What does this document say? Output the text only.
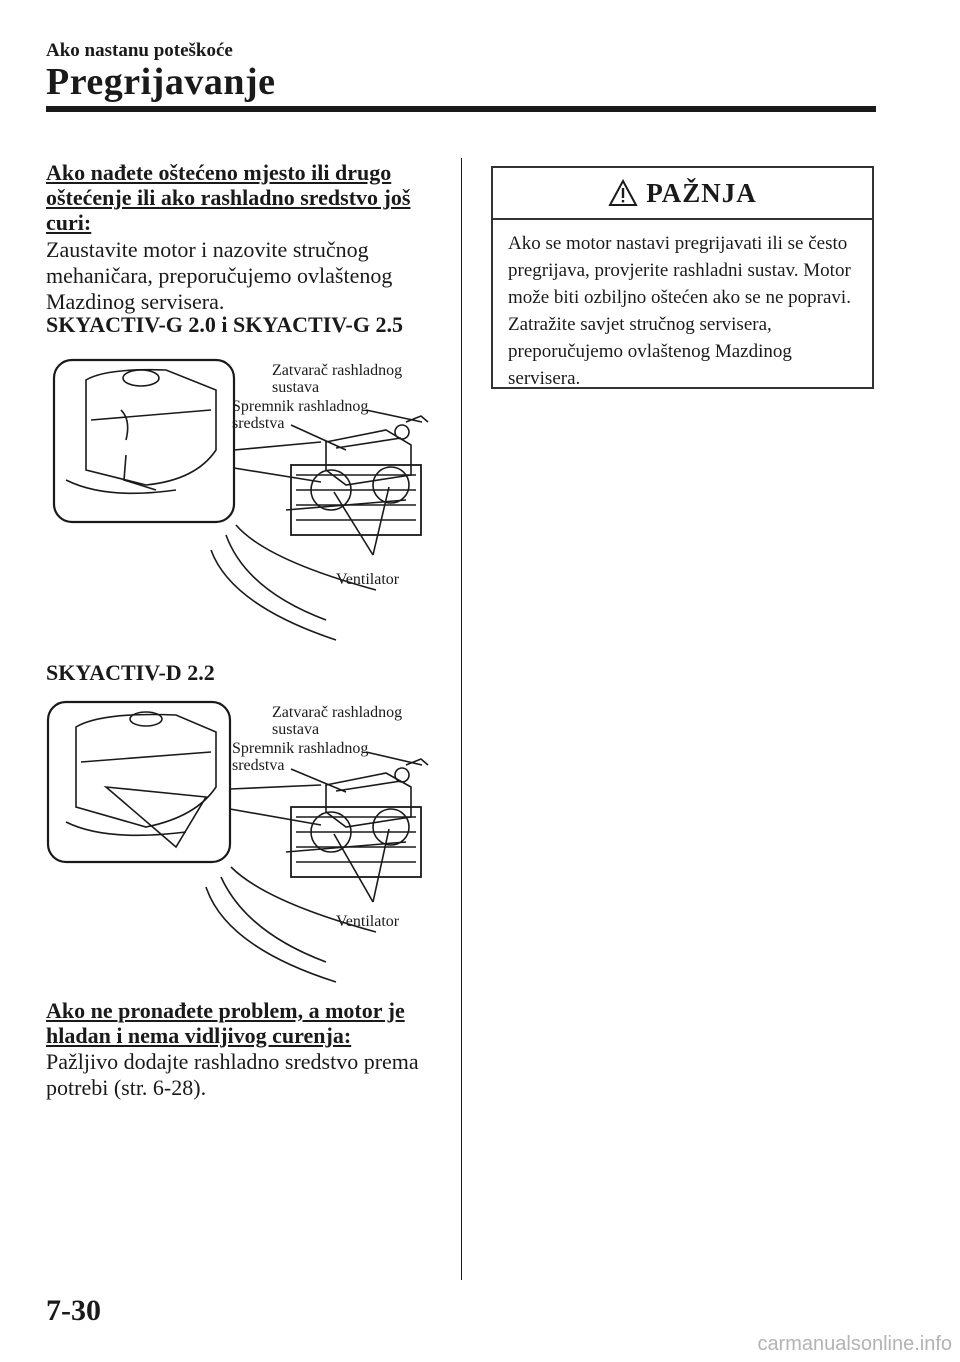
Ako nastanu poteškoće
Pregrijavanje
Ako nađete oštećeno mjesto ili drugo oštećenje ili ako rashladno sredstvo još curi:
Zaustavite motor i nazovite stručnog mehaničara, preporučujemo ovlaštenog Mazdinog servisera.
SKYACTIV-G 2.0 i SKYACTIV-G 2.5
Zatvarač rashladnog
sustava
Spremnik rashladnog
sredstva
Ventilator
SKYACTIV-D 2.2
Zatvarač rashladnog
sustava
Spremnik rashladnog
sredstva
Ventilator
Ako ne pronađete problem, a motor je hladan i nema vidljivog curenja:
Pažljivo dodajte rashladno sredstvo prema potrebi (str. 6-28).
PAŽNJA
Ako se motor nastavi pregrijavati ili se često pregrijava, provjerite rashladni sustav. Motor može biti ozbiljno oštećen ako se ne popravi. Zatražite savjet stručnog servisera, preporučujemo ovlaštenog Mazdinog servisera.
7-30
carmanualsonline.info
